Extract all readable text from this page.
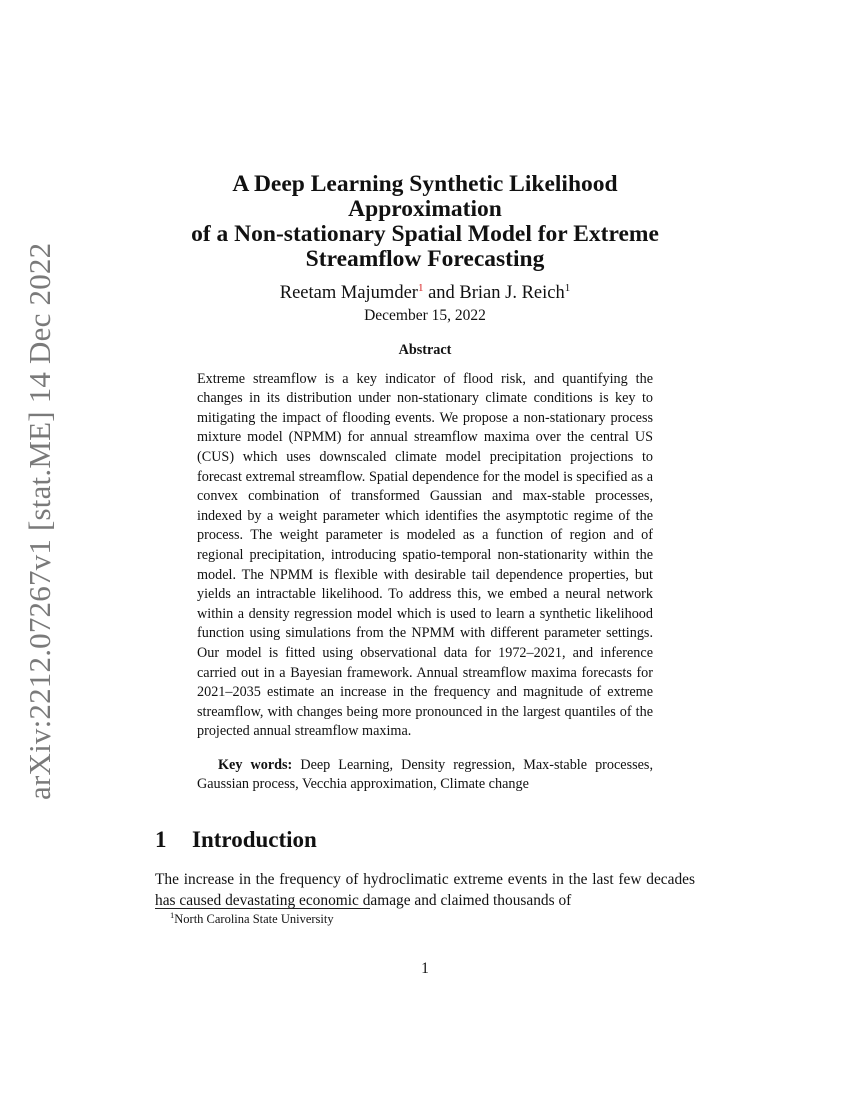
arXiv:2212.07267v1 [stat.ME] 14 Dec 2022
A Deep Learning Synthetic Likelihood Approximation
of a Non-stationary Spatial Model for Extreme
Streamflow Forecasting
Reetam Majumder$^1$ and Brian J. Reich$^1$
December 15, 2022
Abstract

Extreme streamflow is a key indicator of flood risk, and quantifying the changes in its distribution under non-stationary climate conditions is key to mitigating the impact of flooding events. We propose a non-stationary process mixture model (NPMM) for annual streamflow maxima over the central US (CUS) which uses downscaled climate model precipitation projections to forecast extremal streamflow. Spatial dependence for the model is specified as a convex combination of transformed Gaussian and max-stable processes, indexed by a weight parameter which identifies the asymptotic regime of the process. The weight parameter is modeled as a function of region and of regional precipitation, introducing spatio-temporal non-stationarity within the model. The NPMM is flexible with desirable tail dependence properties, but yields an intractable likelihood. To address this, we embed a neural network within a density regression model which is used to learn a synthetic likelihood function using simulations from the NPMM with different parameter settings. Our model is fitted using observational data for 1972–2021, and inference carried out in a Bayesian framework. Annual streamflow maxima forecasts for 2021–2035 estimate an increase in the frequency and magnitude of extreme streamflow, with changes being more pronounced in the largest quantiles of the projected annual streamflow maxima.

Key words: Deep Learning, Density regression, Max-stable processes, Gaussian process, Vecchia approximation, Climate change
1 Introduction
The increase in the frequency of hydroclimatic extreme events in the last few decades has caused devastating economic damage and claimed thousands of
$^1$North Carolina State University
1
